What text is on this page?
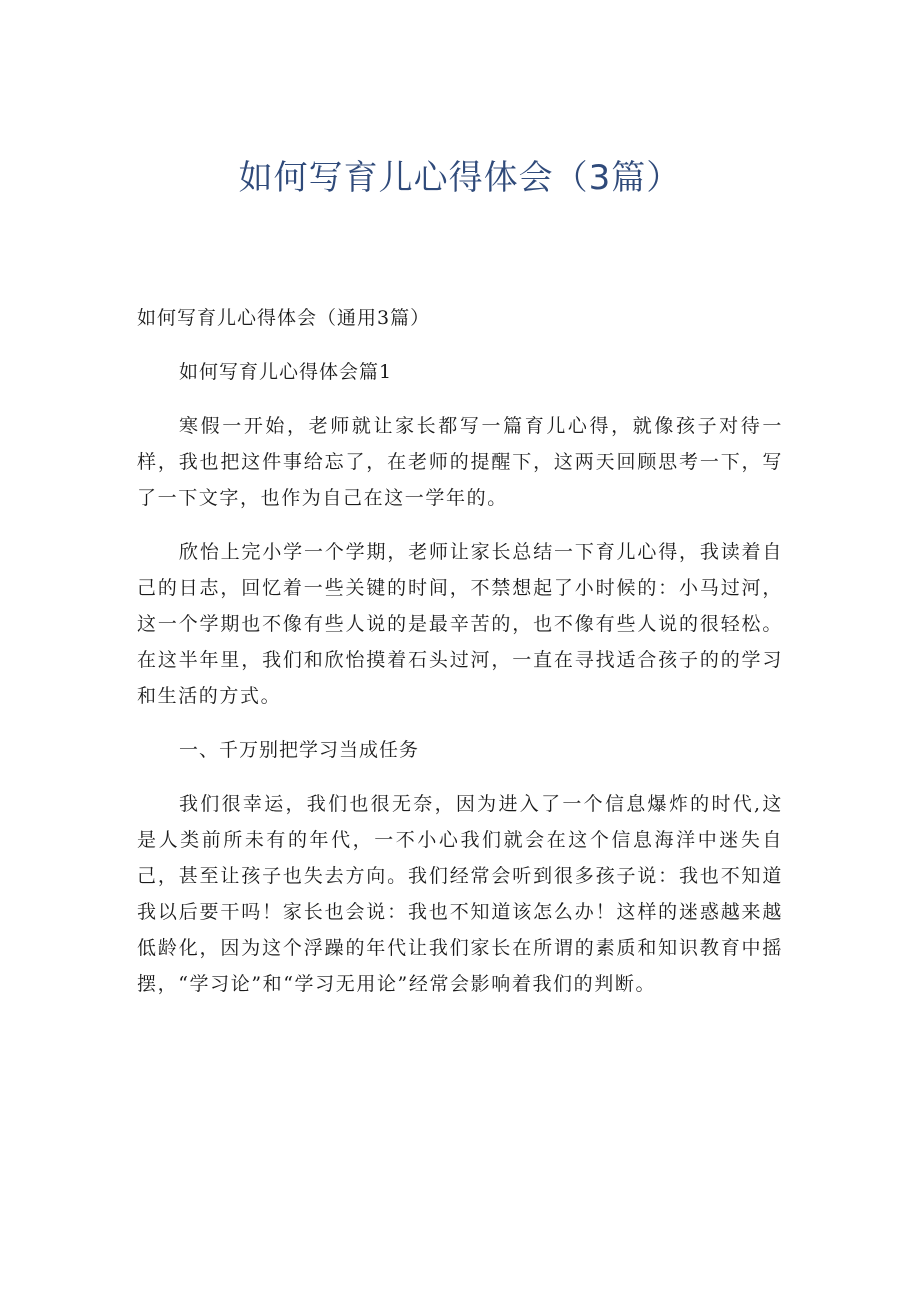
如何写育儿心得体会（3篇）

如何写育儿心得体会（通用3篇）

如何写育儿心得体会篇1

寒假一开始，老师就让家长都写一篇育儿心得，就像孩子对待一样，我也把这件事给忘了，在老师的提醒下，这两天回顾思考一下，写了一下文字，也作为自己在这一学年的。

欣怡上完小学一个学期，老师让家长总结一下育儿心得，我读着自己的日志，回忆着一些关键的时间，不禁想起了小时候的：小马过河，这一个学期也不像有些人说的是最辛苦的，也不像有些人说的很轻松。在这半年里，我们和欣怡摸着石头过河，一直在寻找适合孩子的的学习和生活的方式。

一、千万别把学习当成任务

我们很幸运，我们也很无奈，因为进入了一个信息爆炸的时代,这是人类前所未有的年代，一不小心我们就会在这个信息海洋中迷失自己，甚至让孩子也失去方向。我们经常会听到很多孩子说：我也不知道我以后要干吗！家长也会说：我也不知道该怎么办！这样的迷惑越来越低龄化，因为这个浮躁的年代让我们家长在所谓的素质和知识教育中摇摆，“学习论”和“学习无用论”经常会影响着我们的判断。
